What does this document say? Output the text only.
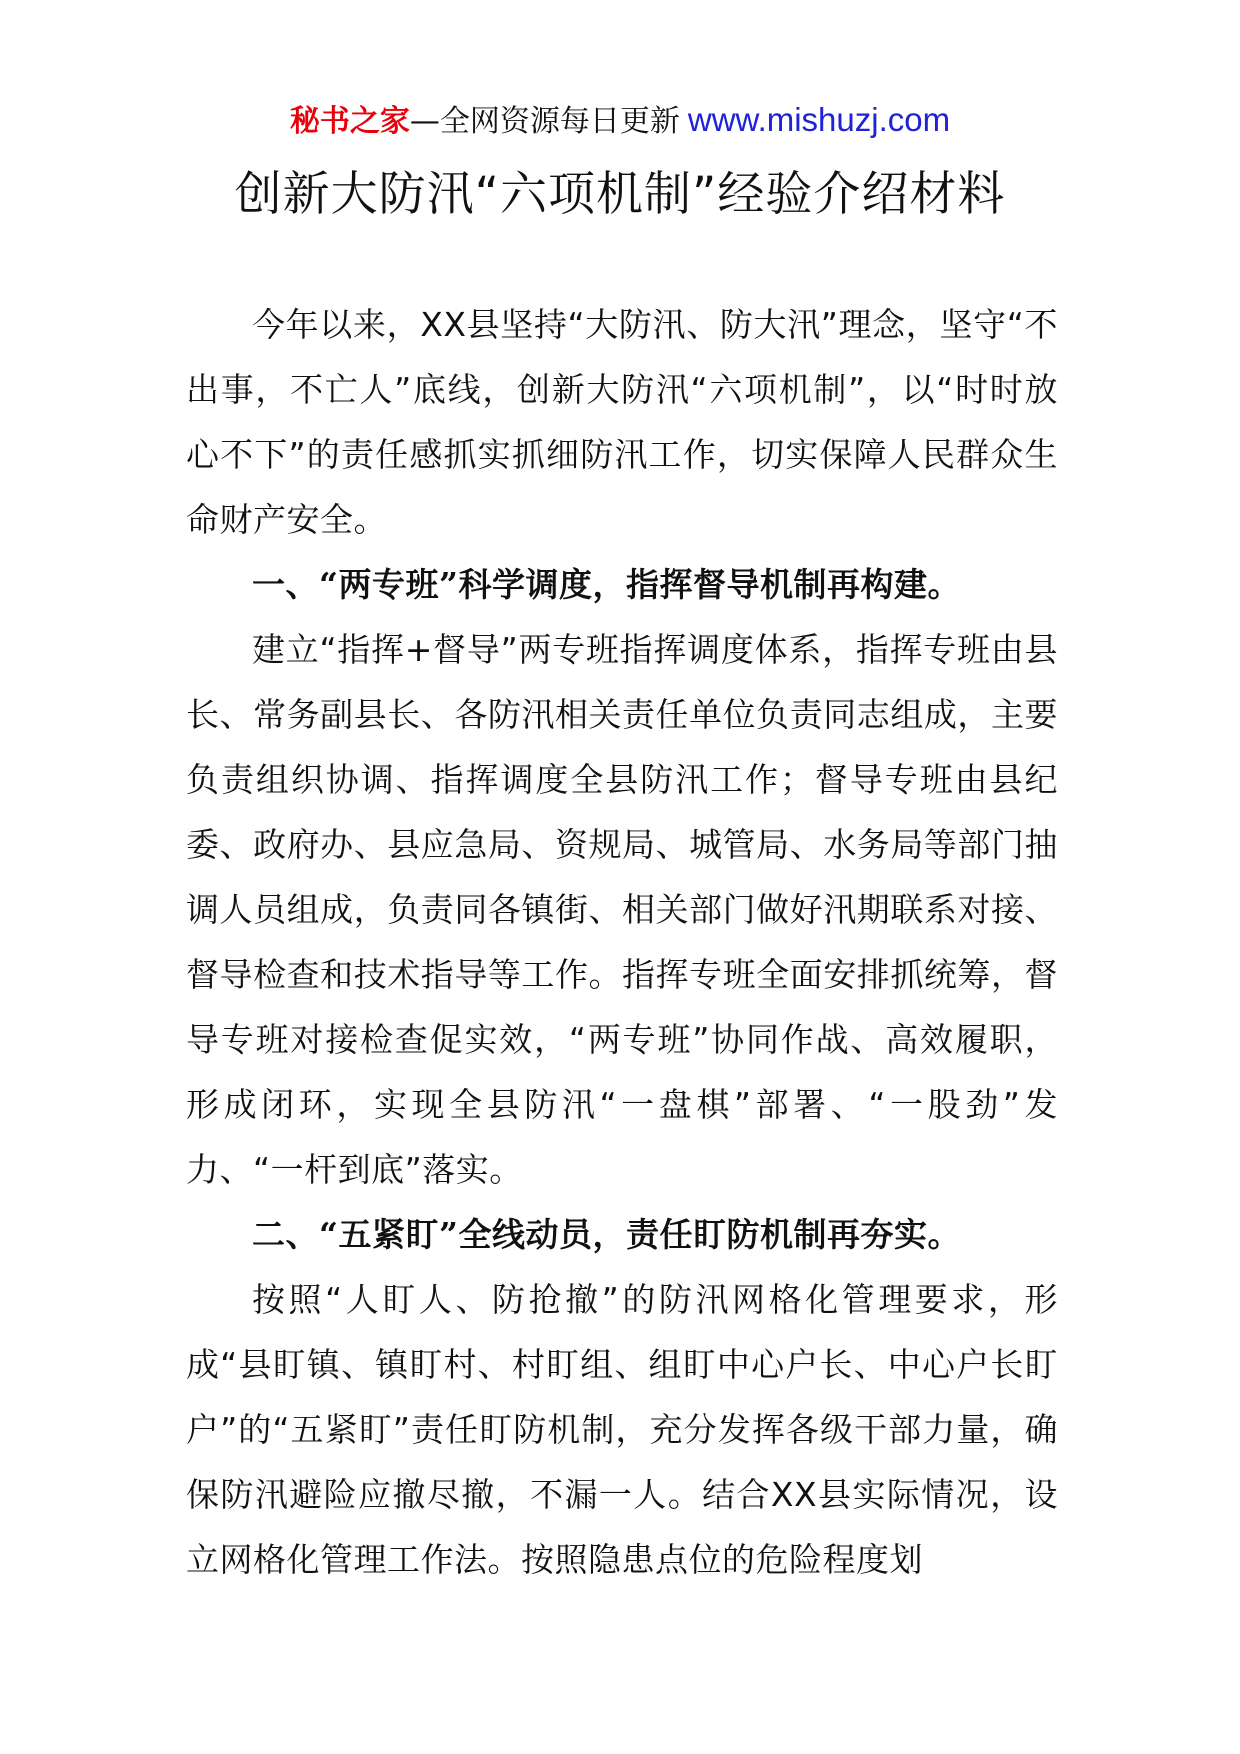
秘书之家—全网资源每日更新 www.mishuzj.com
创新大防汛“六项机制”经验介绍材料

今年以来，XX县坚持“大防汛、防大汛”理念，坚守“不出事，不亡人”底线，创新大防汛“六项机制”，以“时时放心不下”的责任感抓实抓细防汛工作，切实保障人民群众生命财产安全。

一、“两专班”科学调度，指挥督导机制再构建。

建立“指挥+督导”两专班指挥调度体系，指挥专班由县长、常务副县长、各防汛相关责任单位负责同志组成，主要负责组织协调、指挥调度全县防汛工作；督导专班由县纪委、政府办、县应急局、资规局、城管局、水务局等部门抽调人员组成，负责同各镇街、相关部门做好汛期联系对接、督导检查和技术指导等工作。指挥专班全面安排抓统筹，督导专班对接检查促实效，“两专班”协同作战、高效履职，形成闭环，实现全县防汛“一盘棋”部署、“一股劲”发力、“一杆到底”落实。

二、“五紧盯”全线动员，责任盯防机制再夯实。

按照“人盯人、防抢撤”的防汛网格化管理要求，形成“县盯镇、镇盯村、村盯组、组盯中心户长、中心户长盯户”的“五紧盯”责任盯防机制，充分发挥各级干部力量，确保防汛避险应撤尽撤，不漏一人。结合XX县实际情况，设立网格化管理工作法。按照隐患点位的危险程度划
